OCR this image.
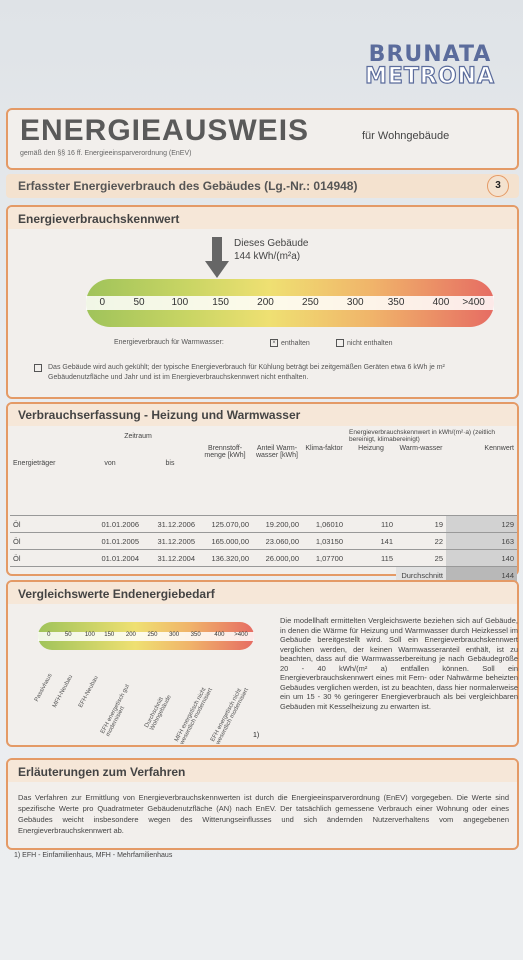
BRUNATA
METRONA
ENERGIEAUSWEIS	für Wohngebäude
gemäß den §§ 16 ff. Energieeinsparverordnung (EnEV)
Erfasster Energieverbrauch des Gebäudes (Lg.-Nr.: 014948)	3
Energieverbrauchskennwert
Dieses Gebäude
144 kWh/(m²a)
0	50	100 150	200	250	300 350	400 >400
Energieverbrauch für Warmwasser:	× enthalten	nicht enthalten
Das Gebäude wird auch gekühlt; der typische Energieverbrauch für Kühlung beträgt bei zeitgemäßen Geräten etwa 6 kWh je m² Gebäudenutzfläche und Jahr und ist im Energieverbrauchskennwert nicht enthalten.
Verbrauchserfassung - Heizung und Warmwasser
	Zeitraum					Energieverbrauchskennwert in kWh/(m²·a) (zeitlich bereinigt, klimabereinigt)		
Energieträger	von	bis	Brennstoff-menge [kWh]	Anteil Warm-wasser [kWh]	Klima-faktor	Heizung	Warm-wasser	Kennwert
Öl	01.01.2006	31.12.2006	125.070,00	19.200,00	1,06010	110	19	129
Öl	01.01.2005	31.12.2005	165.000,00	23.060,00	1,03150	141	22	163
Öl	01.01.2004	31.12.2004	136.320,00	26.000,00	1,07700	115	25	140
							Durchschnitt	144
Vergleichswerte Endenergiebedarf
0 50 100 150 200 250 300 350 400 >400
Passivhaus
MFH-Neubau EFH-Neubau EFH energetisch gut modernisiert	Durchschnitt Wohngebäude MFH energetisch nicht wesentlich modernisiert
EFH energetisch nicht wesentlich modernisiert 1)
Die modellhaft ermittelten Vergleichswerte beziehen sich auf Gebäude, in denen die Wärme für Heizung und Warmwasser durch Heizkessel im Gebäude bereitgestellt wird. Soll ein Energieverbrauchskennwert verglichen werden, der keinen Warmwasseranteil enthält, ist zu beachten, dass auf die Warmwasserbereitung je nach Gebäudegröße 20 - 40 kWh/(m² a) entfallen können. Soll ein Energieverbrauchskennwert eines mit Fern- oder Nahwärme beheizten Gebäudes verglichen werden, ist zu beachten, dass hier normalerweise ein um 15 - 30 % geringerer Energieverbrauch als bei vergleichbaren Gebäuden mit Kesselheizung zu erwarten ist.
Erläuterungen zum Verfahren
Das Verfahren zur Ermittlung von Energieverbrauchskennwerten ist durch die Energieeinsparverordnung (EnEV) vorgegeben. Die Werte sind spezifische Werte pro Quadratmeter Gebäudenutzfläche (AN) nach EnEV. Der tatsächlich gemessene Verbrauch einer Wohnung oder eines Gebäudes weicht insbesondere wegen des Witterungseinflusses und sich ändernden Nutzerverhaltens vom angegebenen Energieverbrauchskennwert ab.
1) EFH - Einfamilienhaus, MFH - Mehrfamilienhaus
